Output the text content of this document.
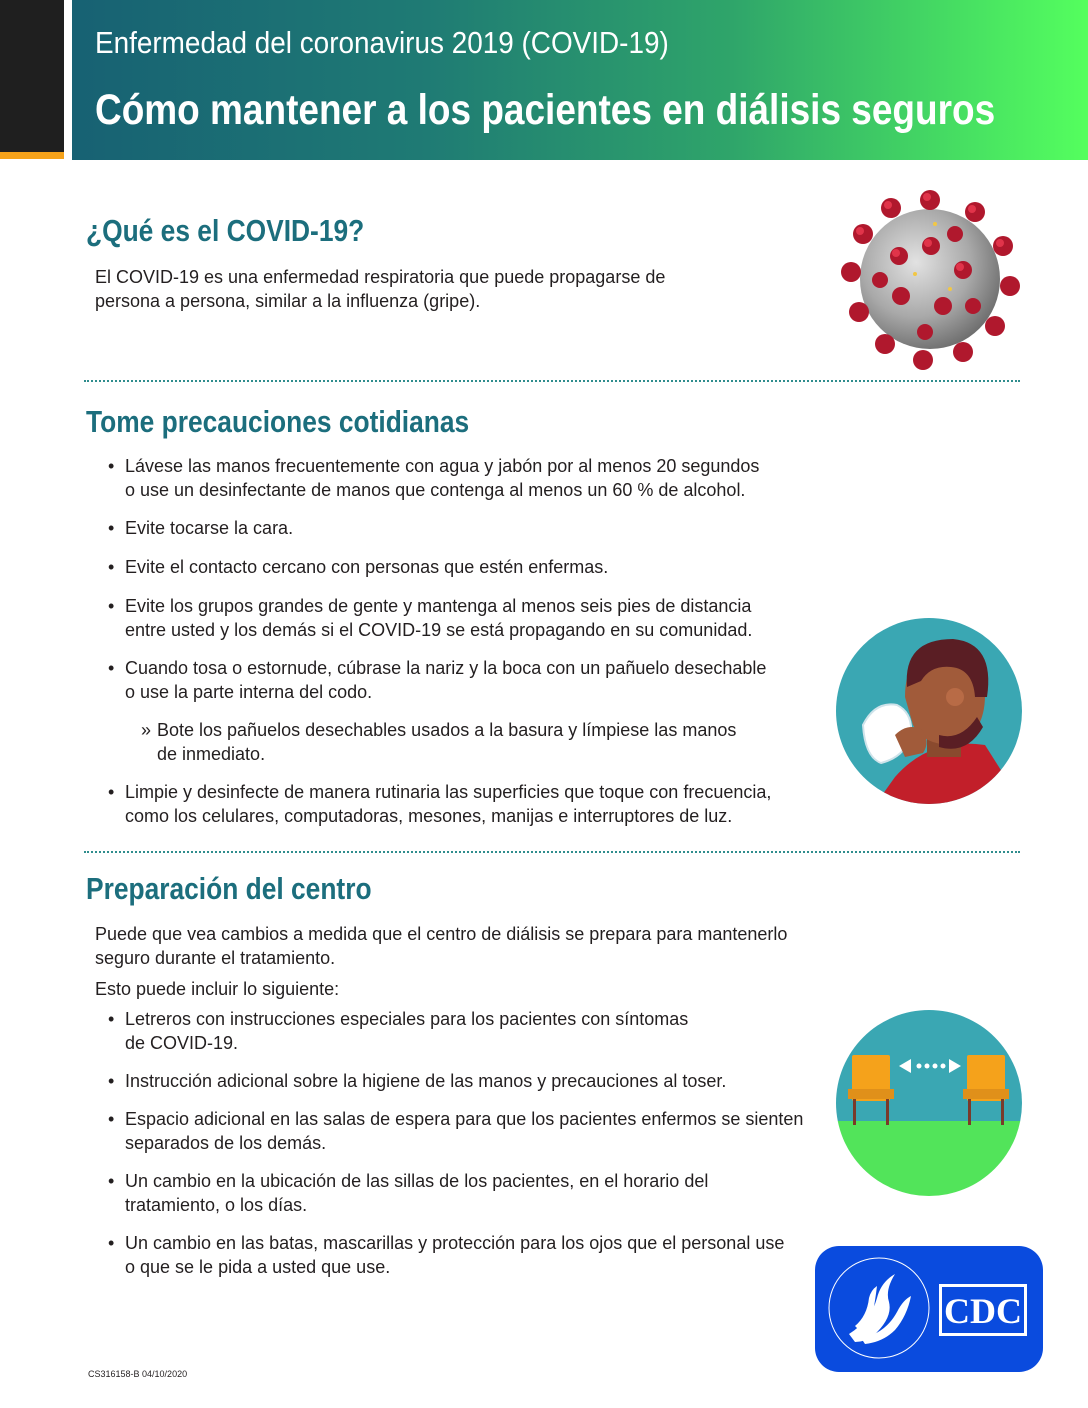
Enfermedad del coronavirus 2019 (COVID-19)
Cómo mantener a los pacientes en diálisis seguros
¿Qué es el COVID-19?
El COVID-19 es una enfermedad respiratoria que puede propagarse de
persona a persona, similar a la influenza (gripe).
Tome precauciones cotidianas
• Lávese las manos frecuentemente con agua y jabón por al menos 20 segundos
o use un desinfectante de manos que contenga al menos un 60 % de alcohol.
• Evite tocarse la cara.
• Evite el contacto cercano con personas que estén enfermas.
• Evite los grupos grandes de gente y mantenga al menos seis pies de distancia
entre usted y los demás si el COVID-19 se está propagando en su comunidad.
• Cuando tosa o estornude, cúbrase la nariz y la boca con un pañuelo desechable
o use la parte interna del codo.
» Bote los pañuelos desechables usados a la basura y límpiese las manos
de inmediato.
• Limpie y desinfecte de manera rutinaria las superficies que toque con frecuencia,
como los celulares, computadoras, mesones, manijas e interruptores de luz.
Preparación del centro
Puede que vea cambios a medida que el centro de diálisis se prepara para mantenerlo
seguro durante el tratamiento.
Esto puede incluir lo siguiente:
• Letreros con instrucciones especiales para los pacientes con síntomas
de COVID-19.
• Instrucción adicional sobre la higiene de las manos y precauciones al toser.
• Espacio adicional en las salas de espera para que los pacientes enfermos se sienten
separados de los demás.
• Un cambio en la ubicación de las sillas de los pacientes, en el horario del
tratamiento, o los días.
• Un cambio en las batas, mascarillas y protección para los ojos que el personal use
o que se le pida a usted que use.
CDC
CS316158-B 04/10/2020
